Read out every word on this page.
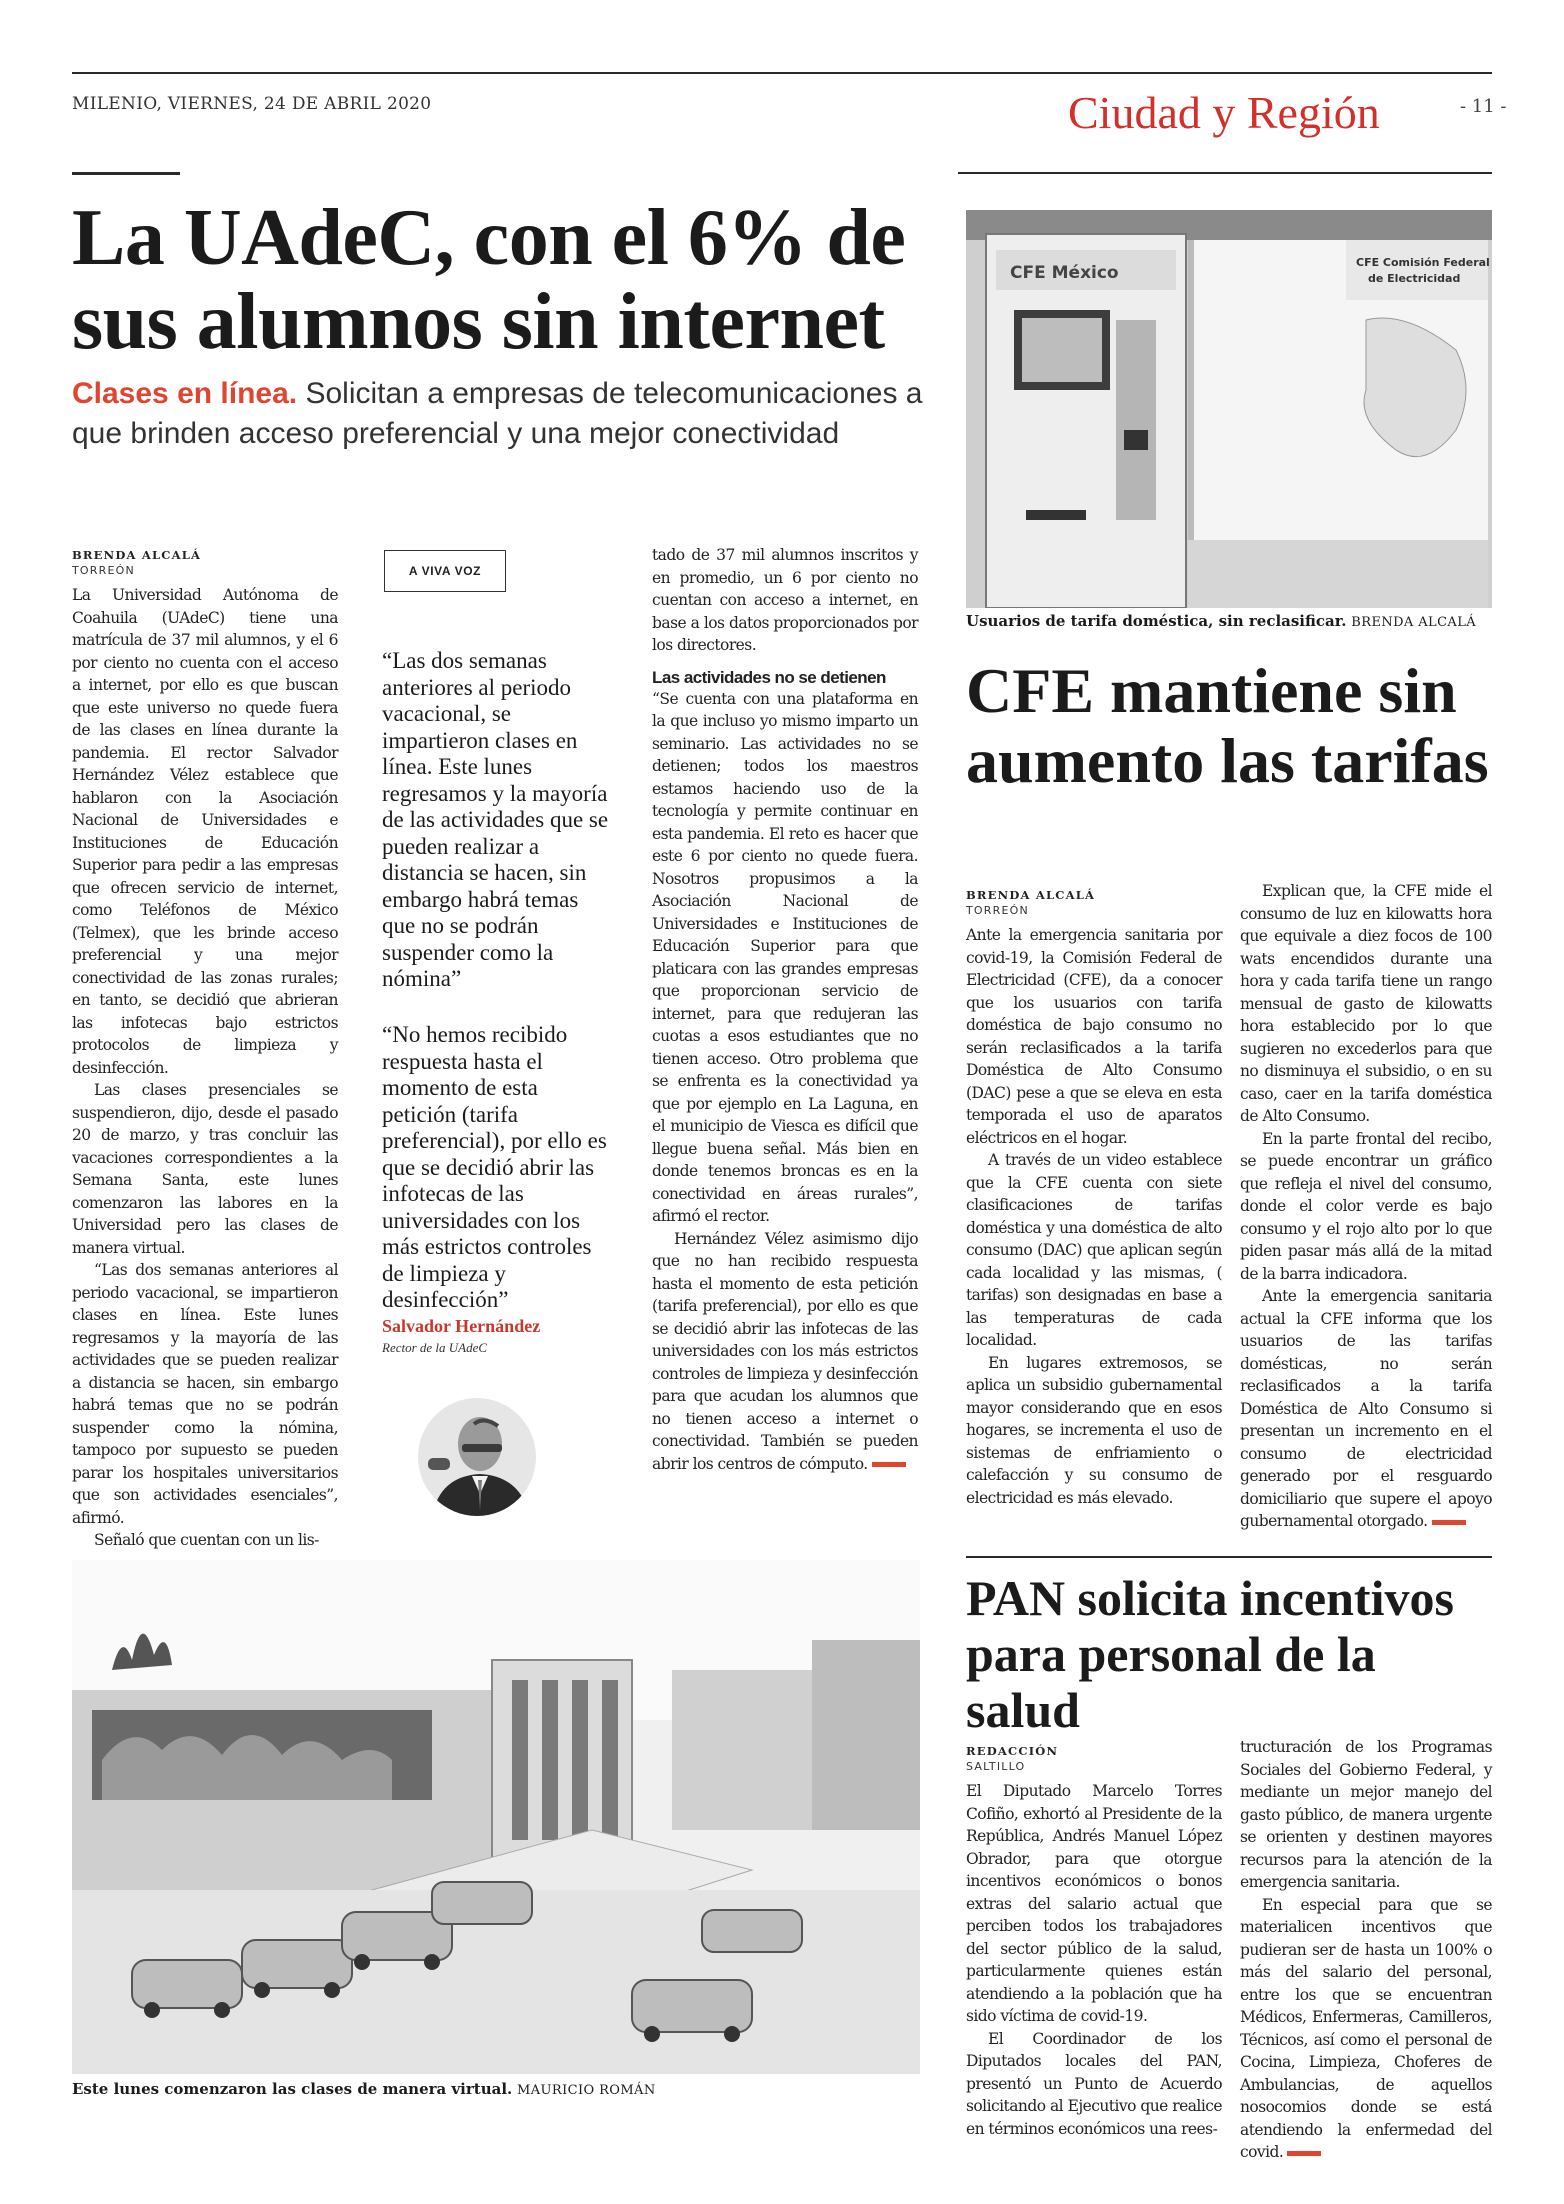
MILENIO, VIERNES, 24 DE ABRIL 2020	Ciudad y Región	- 11 -
La UAdeC, con el 6% de
sus alumnos sin internet
Clases en línea. Solicitan a empresas de telecomunicaciones a
que brinden acceso preferencial y una mejor conectividad
BRENDA ALCALÁ
TORREÓN

La Universidad Autónoma de Coahuila (UAdeC) tiene una matrícula de 37 mil alumnos, y el 6 por ciento no cuenta con el acceso a internet, por ello es que buscan que este universo no quede fuera de las clases en línea durante la pandemia. El rector Salvador Hernández Vélez establece que hablaron con la Asociación Nacional de Universidades e Instituciones de Educación Superior para pedir a las empresas que ofrecen servicio de internet, como Teléfonos de México (Telmex), que les brinde acceso preferencial y una mejor conectividad de las zonas rurales; en tanto, se decidió que abrieran las infotecas bajo estrictos protocolos de limpieza y desinfección.

Las clases presenciales se suspendieron, dijo, desde el pasado 20 de marzo, y tras concluir las vacaciones correspondientes a la Semana Santa, este lunes comenzaron las labores en la Universidad pero las clases de manera virtual.

“Las dos semanas anteriores al periodo vacacional, se impartieron clases en línea. Este lunes regresamos y la mayoría de las actividades que se pueden realizar a distancia se hacen, sin embargo habrá temas que no se podrán suspender como la nómina, tampoco por supuesto se pueden parar los hospitales universitarios que son actividades esenciales”, afirmó.

Señaló que cuentan con un lis-

A VIVA VOZ
“Las dos semanas anteriores al periodo vacacional, se impartieron clases en línea. Este lunes regresamos y la mayoría de las actividades que se pueden realizar a distancia se hacen, sin embargo habrá temas que no se podrán suspender como la nómina”
“No hemos recibido respuesta hasta el momento de esta petición (tarifa preferencial), por ello es que se decidió abrir las infotecas de las universidades con los más estrictos controles de limpieza y desinfección”
Salvador Hernández
Rector de la UAdeC

tado de 37 mil alumnos inscritos y en promedio, un 6 por ciento no cuentan con acceso a internet, en base a los datos proporcionados por los directores.

Las actividades no se detienen

“Se cuenta con una plataforma en la que incluso yo mismo imparto un seminario. Las actividades no se detienen; todos los maestros estamos haciendo uso de la tecnología y permite continuar en esta pandemia. El reto es hacer que este 6 por ciento no quede fuera. Nosotros propusimos a la Asociación Nacional de Universidades e Instituciones de Educación Superior para que platicara con las grandes empresas que proporcionan servicio de internet, para que redujeran las cuotas a esos estudiantes que no tienen acceso. Otro problema que se enfrenta es la conectividad ya que por ejemplo en La Laguna, en el municipio de Viesca es difícil que llegue buena señal. Más bien en donde tenemos broncas es en la conectividad en áreas rurales”, afirmó el rector.

Hernández Vélez asimismo dijo que no han recibido respuesta hasta el momento de esta petición (tarifa preferencial), por ello es que se decidió abrir las infotecas de las universidades con los más estrictos controles de limpieza y desinfección para que acudan los alumnos que no tienen acceso a internet o conectividad. También se pueden abrir los centros de cómputo.

CFE México
CFE Comisión Federal
de Electricidad
Usuarios de tarifa doméstica, sin reclasificar. BRENDA ALCALÁ
CFE mantiene sin
aumento las tarifas
BRENDA ALCALÁ
TORREÓN

Ante la emergencia sanitaria por covid-19, la Comisión Federal de Electricidad (CFE), da a conocer que los usuarios con tarifa doméstica de bajo consumo no serán reclasificados a la tarifa Doméstica de Alto Consumo (DAC) pese a que se eleva en esta temporada el uso de aparatos eléctricos en el hogar.

A través de un video establece que la CFE cuenta con siete clasificaciones de tarifas doméstica y una doméstica de alto consumo (DAC) que aplican según cada localidad y las mismas, ( tarifas) son designadas en base a las temperaturas de cada localidad.

En lugares extremosos, se aplica un subsidio gubernamental mayor considerando que en esos hogares, se incrementa el uso de sistemas de enfriamiento o calefacción y su consumo de electricidad es más elevado.

Explican que, la CFE mide el consumo de luz en kilowatts hora que equivale a diez focos de 100 wats encendidos durante una hora y cada tarifa tiene un rango mensual de gasto de kilowatts hora establecido por lo que sugieren no excederlos para que no disminuya el subsidio, o en su caso, caer en la tarifa doméstica de Alto Consumo.

En la parte frontal del recibo, se puede encontrar un gráfico que refleja el nivel del consumo, donde el color verde es bajo consumo y el rojo alto por lo que piden pasar más allá de la mitad de la barra indicadora.

Ante la emergencia sanitaria actual la CFE informa que los usuarios de las tarifas domésticas, no serán reclasificados a la tarifa Doméstica de Alto Consumo si presentan un incremento en el consumo de electricidad generado por el resguardo domiciliario que supere el apoyo gubernamental otorgado.

PAN solicita incentivos
para personal de la salud
REDACCIÓN
SALTILLO

El Diputado Marcelo Torres Cofiño, exhortó al Presidente de la República, Andrés Manuel López Obrador, para que otorgue incentivos económicos o bonos extras del salario actual que perciben todos los trabajadores del sector público de la salud, particularmente quienes están atendiendo a la población que ha sido víctima de covid-19.

El Coordinador de los Diputados locales del PAN, presentó un Punto de Acuerdo solicitando al Ejecutivo que realice en términos económicos una rees-

tructuración de los Programas Sociales del Gobierno Federal, y mediante un mejor manejo del gasto público, de manera urgente se orienten y destinen mayores recursos para la atención de la emergencia sanitaria.

En especial para que se materialicen incentivos que pudieran ser de hasta un 100% o más del salario del personal, entre los que se encuentran Médicos, Enfermeras, Camilleros, Técnicos, así como el personal de Cocina, Limpieza, Choferes de Ambulancias, de aquellos nosocomios donde se está atendiendo la enfermedad del covid.

Este lunes comenzaron las clases de manera virtual. MAURICIO ROMÁN
